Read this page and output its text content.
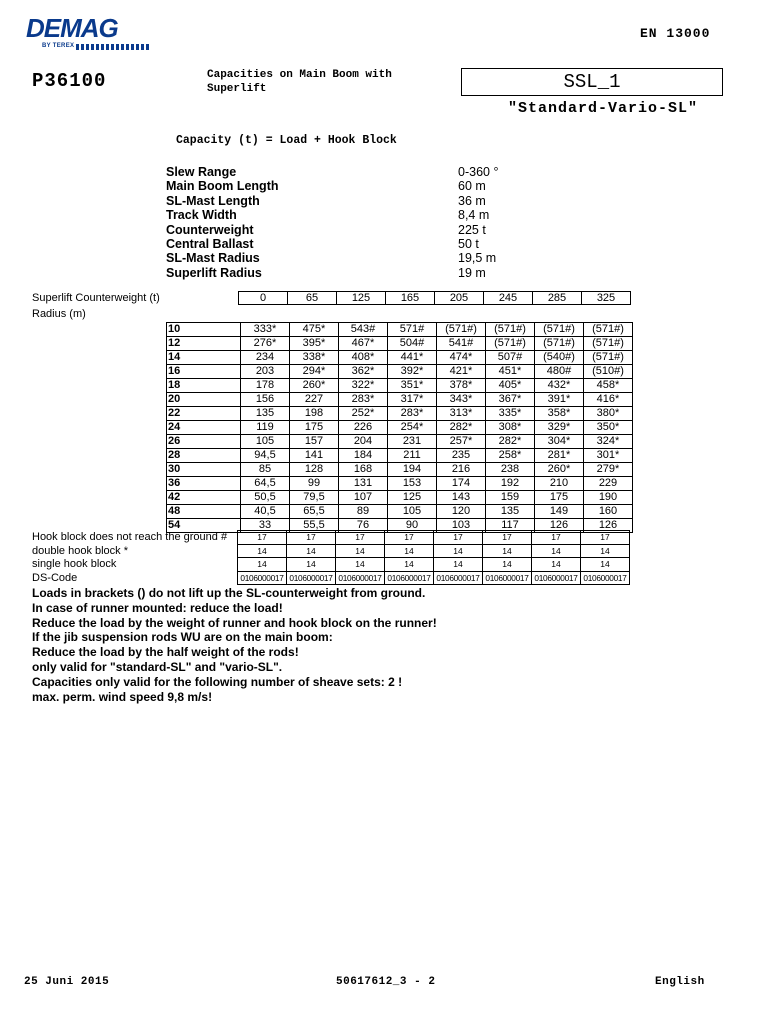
DEMAG
BY TEREX
EN 13000
P36100	Capacities on Main Boom with
Superlift	SSL_1
"Standard-Vario-SL"
Capacity (t) = Load + Hook Block
Slew Range	0-360 °
Main Boom Length	60 m
SL-Mast Length	36 m
Track Width	8,4 m
Counterweight	225 t
Central Ballast	50 t
SL-Mast Radius	19,5 m
Superlift Radius	19 m
Superlift Counterweight (t)
Radius (m)
0	65	125	165	205	245	285	325
10	333*	475*	543#	571#	(571#)	(571#)	(571#)	(571#)
12	276*	395*	467*	504#	541#	(571#)	(571#)	(571#)
14	234	338*	408*	441*	474*	507#	(540#)	(571#)
16	203	294*	362*	392*	421*	451*	480#	(510#)
18	178	260*	322*	351*	378*	405*	432*	458*
20	156	227	283*	317*	343*	367*	391*	416*
22	135	198	252*	283*	313*	335*	358*	380*
24	119	175	226	254*	282*	308*	329*	350*
26	105	157	204	231	257*	282*	304*	324*
28	94,5	141	184	211	235	258*	281*	301*
30	85	128	168	194	216	238	260*	279*
36	64,5	99	131	153	174	192	210	229
42	50,5	79,5	107	125	143	159	175	190
48	40,5	65,5	89	105	120	135	149	160
54	33	55,5	76	90	103	117	126	126
Hook block does not reach the ground #	17	17	17	17	17	17	17	17
double hook block *	14	14	14	14	14	14	14	14
single hook block	14	14	14	14	14	14	14	14
DS-Code	0106000017	0106000017	0106000017	0106000017	0106000017	0106000017	0106000017	0106000017
Loads in brackets () do not lift up the SL-counterweight from ground.
In case of runner mounted: reduce the load!
Reduce the load by the weight of runner and hook block on the runner!
If the jib suspension rods WU are on the main boom:
Reduce the load by the half weight of the rods!
only valid for "standard-SL" and "vario-SL".
Capacities only valid for the following number of sheave sets: 2 !
max. perm. wind speed 9,8 m/s!
25 Juni 2015	50617612_3 - 2	English
